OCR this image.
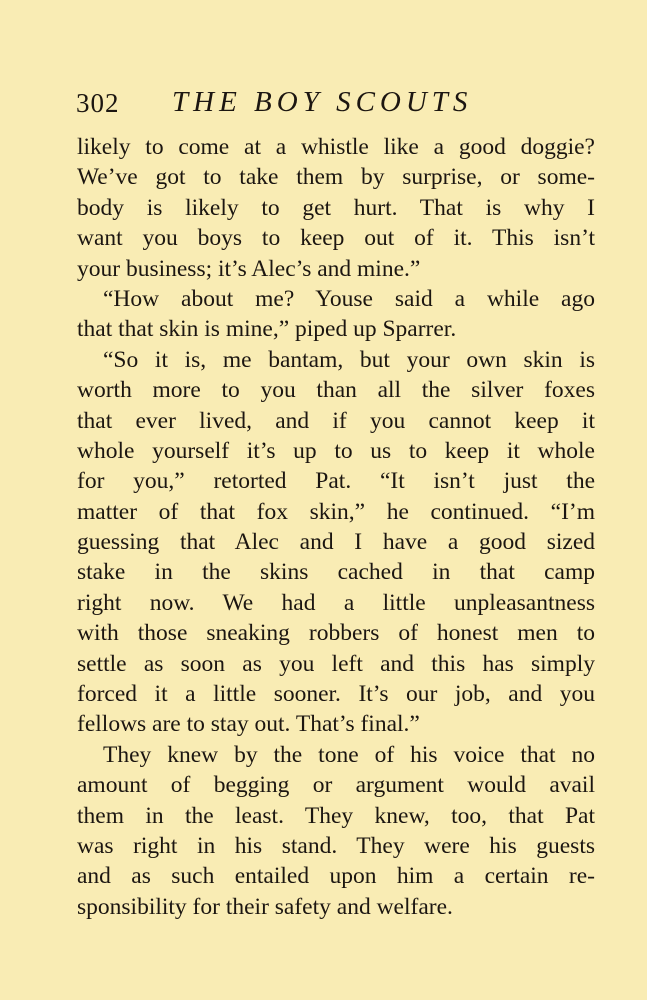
302 THE BOY SCOUTS
likely to come at a whistle like a good doggie?
We’ve got to take them by surprise, or some-
body is likely to get hurt. That is why I
want you boys to keep out of it. This isn’t
your business; it’s Alec’s and mine.”
“How about me? Youse said a while ago
that that skin is mine,” piped up Sparrer.
“So it is, me bantam, but your own skin is
worth more to you than all the silver foxes
that ever lived, and if you cannot keep it
whole yourself it’s up to us to keep it whole
for you,” retorted Pat. “It isn’t just the
matter of that fox skin,” he continued. “I’m
guessing that Alec and I have a good sized
stake in the skins cached in that camp
right now. We had a little unpleasantness
with those sneaking robbers of honest men to
settle as soon as you left and this has simply
forced it a little sooner. It’s our job, and you
fellows are to stay out. That’s final.”
They knew by the tone of his voice that no
amount of begging or argument would avail
them in the least. They knew, too, that Pat
was right in his stand. They were his guests
and as such entailed upon him a certain re-
sponsibility for their safety and welfare.
